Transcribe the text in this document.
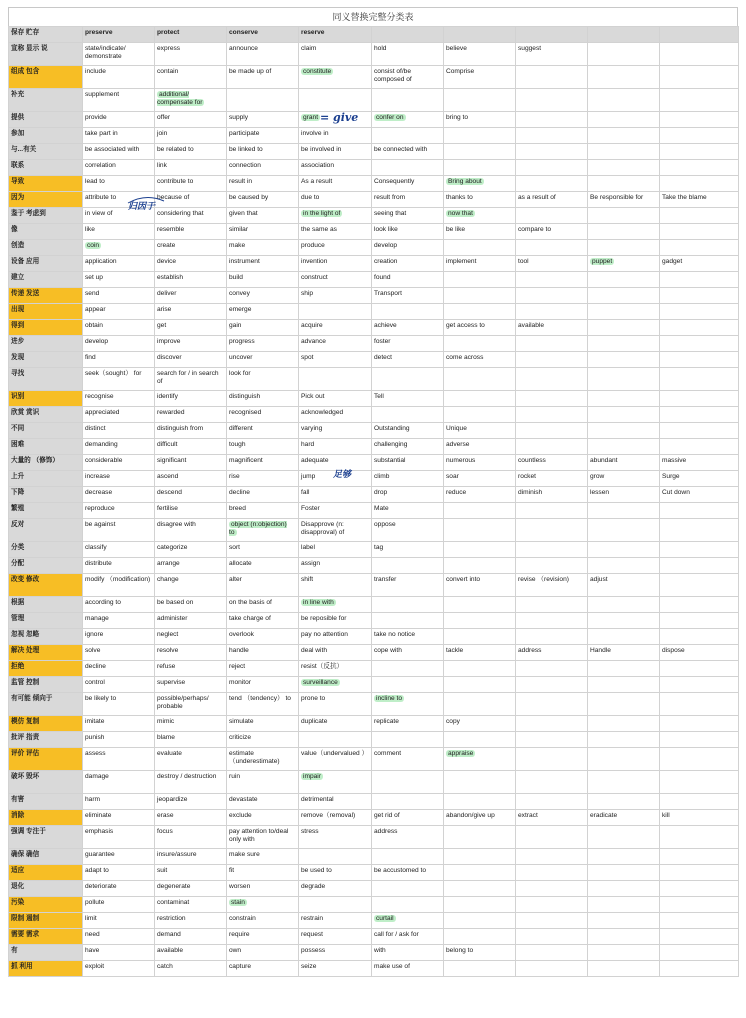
同义替换完整分类表
保存 贮存	preserve	protect	conserve	reserve					
宣称 显示 说	state/indicate/ demonstrate	express	announce	claim	hold	believe	suggest		
组成 包含	include	contain	be made up of	constitute	consist of/be composed of	Comprise			
补充	supplement	additional/ compensate for							
提供	provide	offer	supply	grant	confer on	bring to			
参加	take part in	join	participate	involve in					
与...有关	be associated with	be related to	be linked to	be involved in	be connected with				
联系	correlation	link	connection	association					
导致	lead to	contribute to	result in	As a result	Consequently	Bring about			
因为	attribute to	because of	be caused by	due to	result from	thanks to	as a result of	Be responsible for	Take the blame
鉴于 考虑到	in view of	considering that	given that	in the light of	seeing that	now that			
像	like	resemble	similar	the same as	look like	be like	compare to		
创造	coin	create	make	produce	develop				
设备 应用	application	device	instrument	invention	creation	implement	tool	puppet	gadget
建立	set up	establish	build	construct	found				
传递 发送	send	deliver	convey	ship	Transport				
出现	appear	arise	emerge						
得到	obtain	get	gain	acquire	achieve	get access to	available		
进步	develop	improve	progress	advance	foster				
发现	find	discover	uncover	spot	detect	come across			
寻找	seek（sought） for	search for / in search of	look for						
识别	recognise	identify	distinguish	Pick out	Tell				
欣赏 赏识	appreciated	rewarded	recognised	acknowledged					
不同	distinct	distinguish from	different	varying	Outstanding	Unique			
困难	demanding	difficult	tough	hard	challenging	adverse			
大量的 （修饰）	considerable	significant	magnificent	adequate	substantial	numerous	countless	abundant	massive
上升	increase	ascend	rise	jump	climb	soar	rocket	grow	Surge
下降	decrease	descend	decline	fall	drop	reduce	diminish	lessen	Cut down
繁殖	reproduce	fertilise	breed	Foster	Mate				
反对	be against	disagree with	object (n:objection) to	Disapprove (n: disapproval) of	oppose				
分类	classify	categorize	sort	label	tag				
分配	distribute	arrange	allocate	assign					
改变 修改	modify （modification)	change	alter	shift	transfer	convert into	revise （revision)	adjust	
根据	according to	be based on	on the basis of	in line with					
管理	manage	administer	take charge of	be reposible for					
忽视 忽略	ignore	neglect	overlook	pay no attention	take no notice				
解决 处理	solve	resolve	handle	deal with	cope with	tackle	address	Handle	dispose
拒绝	decline	refuse	reject	resist（反抗）					
监管 控制	control	supervise	monitor	surveillance					
有可能 倾向于	be likely to	possible/perhaps/ probable	tend （tendency） to	prone to	incline to				
模仿 复制	imitate	mimic	simulate	duplicate	replicate	copy			
批评 指责	punish	blame	criticize						
评价 评估	assess	evaluate	estimate （underestimate)	value（undervalued ）	comment	appraise			
破坏 毁坏	damage	destroy / destruction	ruin	impair					
有害	harm	jeopardize	devastate	detrimental					
消除	eliminate	erase	exclude	remove（removal)	get rid of	abandon/give up	extract	eradicate	kill
强调 专注于	emphasis	focus	pay attention to/deal only with	stress	address				
确保 确信	guarantee	insure/assure	make sure						
适应	adapt to	suit	fit	be used to	be accustomed to				
退化	deteriorate	degenerate	worsen	degrade					
污染	pollute	contaminat	stain						
限制 遏制	limit	restriction	constrain	restrain	curtail				
需要 需求	need	demand	require	request	call for / ask for				
有	have	available	own	possess	with	belong to			
抓 利用	exploit	catch	capture	seize	make use of				
= give
归因于
足够
